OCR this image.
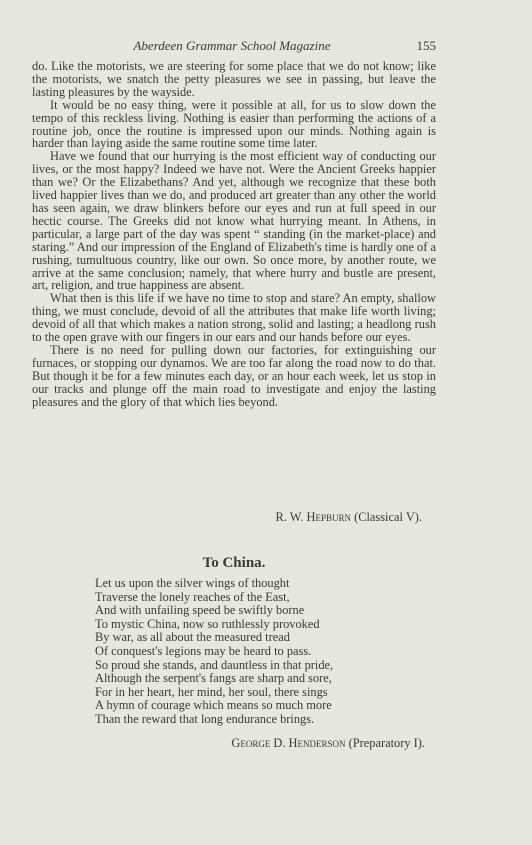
Aberdeen Grammar School Magazine	155

do. Like the motorists, we are steering for some place that we do not know; like the motorists, we snatch the petty pleasures we see in passing, but leave the lasting pleasures by the wayside.

It would be no easy thing, were it possible at all, for us to slow down the tempo of this reckless living. Nothing is easier than performing the actions of a routine job, once the routine is impressed upon our minds. Nothing again is harder than laying aside the same routine some time later.

Have we found that our hurrying is the most efficient way of conducting our lives, or the most happy? Indeed we have not. Were the Ancient Greeks happier than we? Or the Elizabethans? And yet, although we recognize that these both lived happier lives than we do, and produced art greater than any other the world has seen again, we draw blinkers before our eyes and run at full speed in our hectic course. The Greeks did not know what hurrying meant. In Athens, in particular, a large part of the day was spent “ standing (in the market-place) and staring.” And our impression of the England of Elizabeth's time is hardly one of a rushing, tumultuous country, like our own. So once more, by another route, we arrive at the same conclusion; namely, that where hurry and bustle are present, art, religion, and true happiness are absent.

What then is this life if we have no time to stop and stare? An empty, shallow thing, we must conclude, devoid of all the attributes that make life worth living; devoid of all that which makes a nation strong, solid and lasting; a headlong rush to the open grave with our fingers in our ears and our hands before our eyes.

There is no need for pulling down our factories, for extinguishing our furnaces, or stopping our dynamos. We are too far along the road now to do that. But though it be for a few minutes each day, or an hour each week, let us stop in our tracks and plunge off the main road to investigate and enjoy the lasting pleasures and the glory of that which lies beyond.

R. W. Hepburn (Classical V).
To China.
Let us upon the silver wings of thought
Traverse the lonely reaches of the East,
And with unfailing speed be swiftly borne
To mystic China, now so ruthlessly provoked
By war, as all about the measured tread
Of conquest's legions may be heard to pass.
So proud she stands, and dauntless in that pride,
Although the serpent's fangs are sharp and sore,
For in her heart, her mind, her soul, there sings
A hymn of courage which means so much more
Than the reward that long endurance brings.
George D. Henderson (Preparatory I).
